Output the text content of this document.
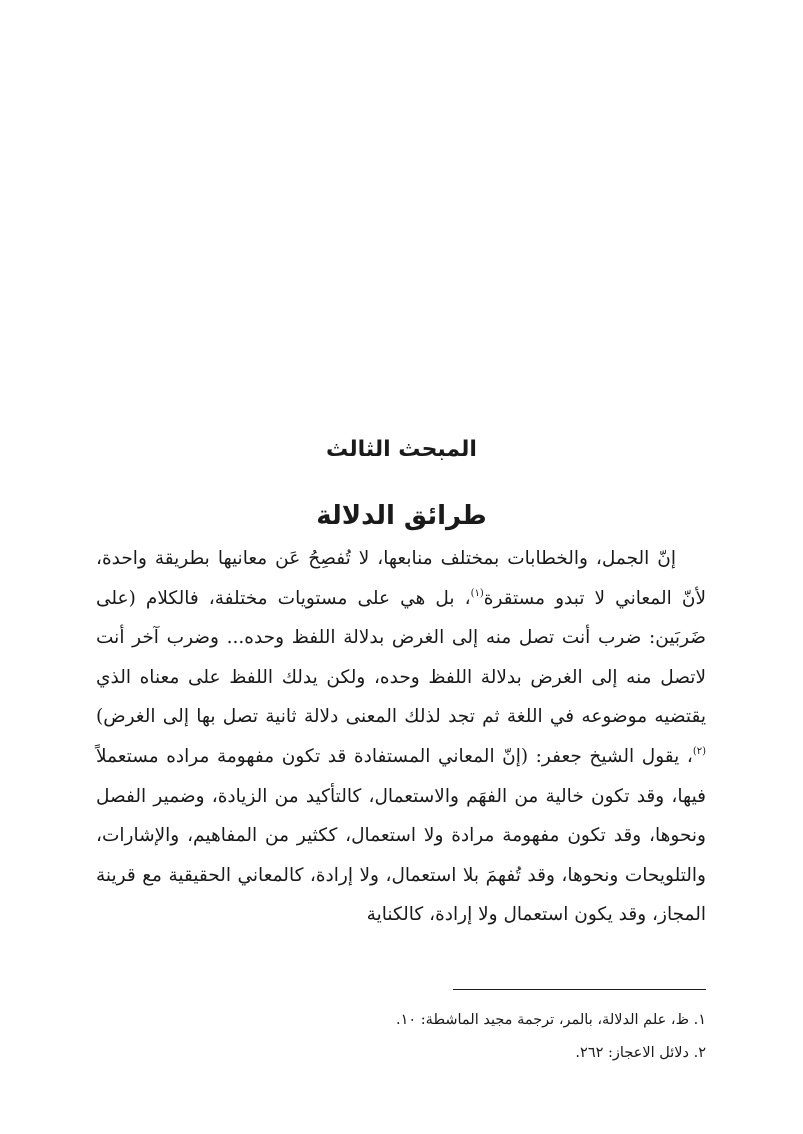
المبحث الثالث
طرائق الدلالة

إنّ الجمل، والخطابات بمختلف منابعها، لا تُفصِحُ عَن معانيها بطريقة واحدة، لأنّ المعاني لا تبدو مستقرة$^{(١)}$، بل هي على مستويات مختلفة، فالكلام (على ضَربَين: ضرب أنت تصل منه إلى الغرض بدلالة اللفظ وحده... وضرب آخر أنت لاتصل منه إلى الغرض بدلالة اللفظ وحده، ولكن يدلك اللفظ على معناه الذي يقتضيه موضوعه في اللغة ثم تجد لذلك المعنى دلالة ثانية تصل بها إلى الغرض)$^{(٢)}$، يقول الشيخ جعفر: (إنّ المعاني المستفادة قد تكون مفهومة مراده مستعملاً فيها، وقد تكون خالية من الفهَم والاستعمال، كالتأكيد من الزيادة، وضمير الفصل ونحوها، وقد تكون مفهومة مرادة ولا استعمال، ككثير من المفاهيم، والإشارات، والتلويحات ونحوها، وقد تُفهمَ بلا استعمال، ولا إرادة، كالمعاني الحقيقية مع قرينة المجاز، وقد يكون استعمال ولا إرادة، كالكناية

١. ظ، علم الدلالة، بالمر، ترجمة مجيد الماشطة: ١٠.
٢. دلائل الاعجاز: ٢٦٢.
